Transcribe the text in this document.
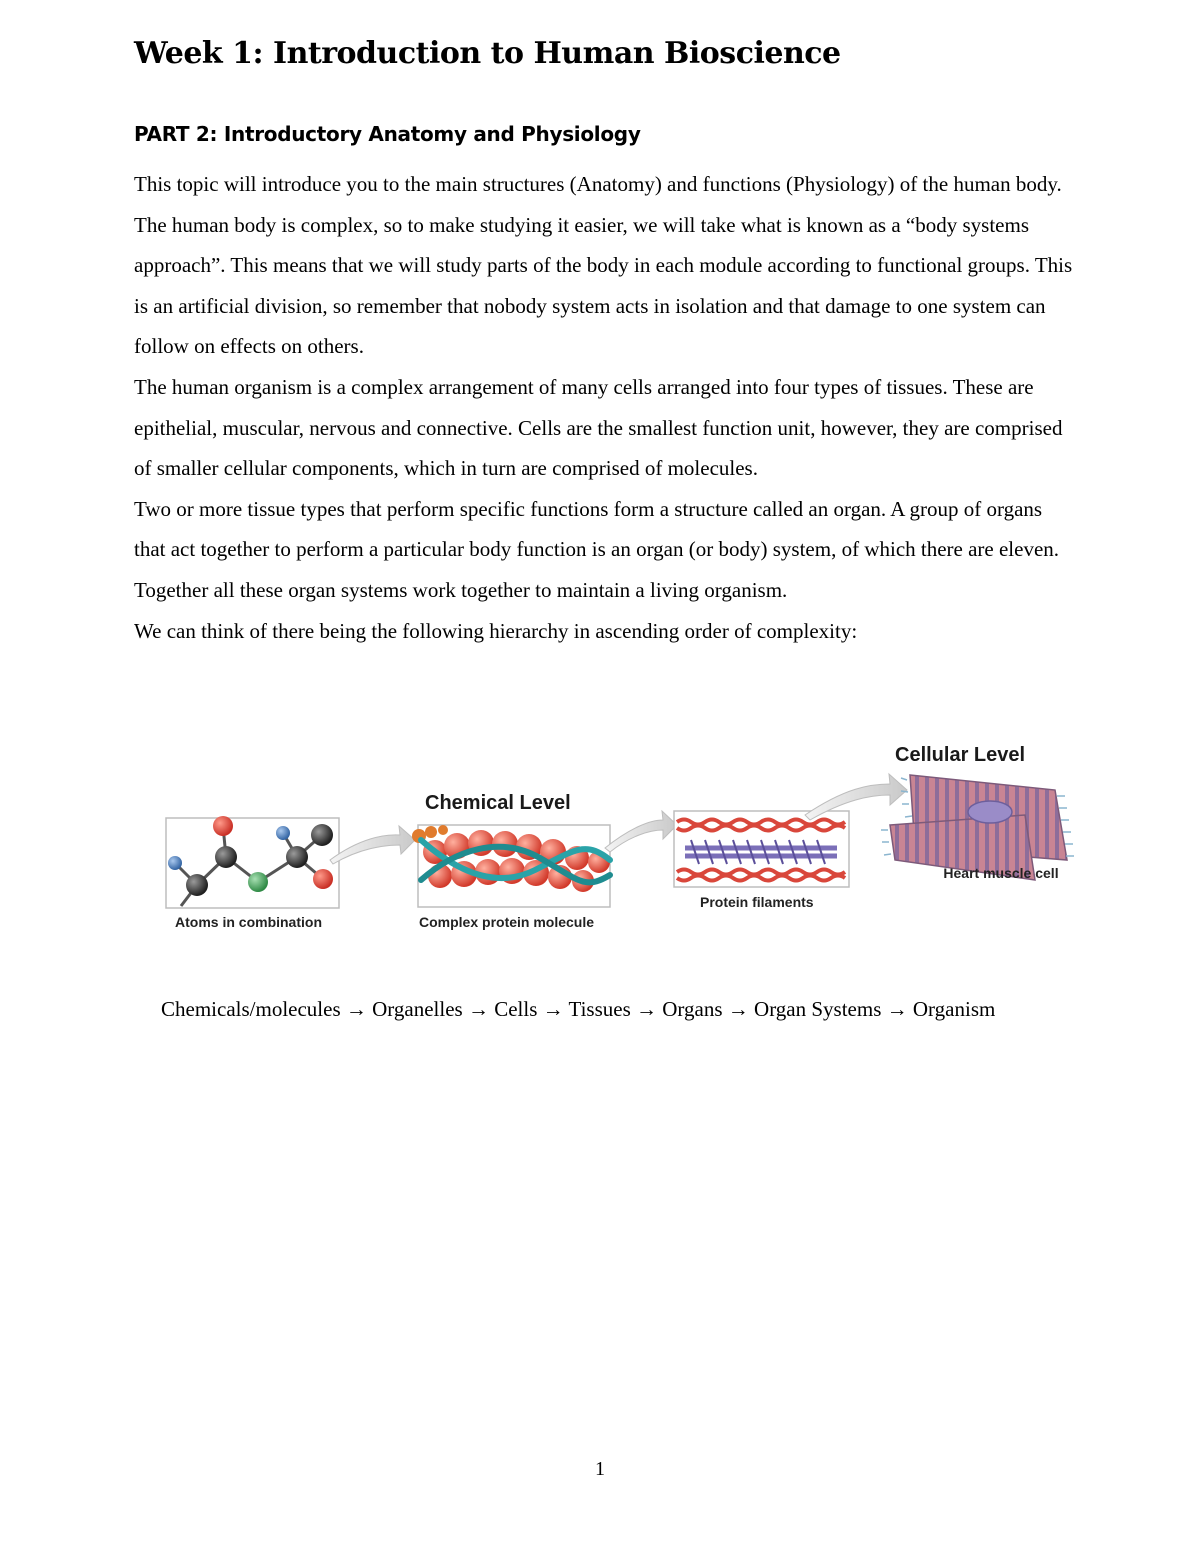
Week 1: Introduction to Human Bioscience
PART 2: Introductory Anatomy and Physiology

This topic will introduce you to the main structures (Anatomy) and functions (Physiology) of the human body. The human body is complex, so to make studying it easier, we will take what is known as a “body systems approach”. This means that we will study parts of the body in each module according to functional groups. This is an artificial division, so remember that nobody system acts in isolation and that damage to one system can follow on effects on others.

The human organism is a complex arrangement of many cells arranged into four types of tissues. These are epithelial, muscular, nervous and connective. Cells are the smallest function unit, however, they are comprised of smaller cellular components, which in turn are comprised of molecules.

Two or more tissue types that perform specific functions form a structure called an organ. A group of organs that act together to perform a particular body function is an organ (or body) system, of which there are eleven. Together all these organ systems work together to maintain a living organism.

We can think of there being the following hierarchy in ascending order of complexity:

Chemical Level
Cellular Level
Atoms in combination	Complex protein molecule
Protein filaments
Heart muscle cell
Chemicals/molecules → Organelles → Cells → Tissues → Organs → Organ Systems → Organism
1
